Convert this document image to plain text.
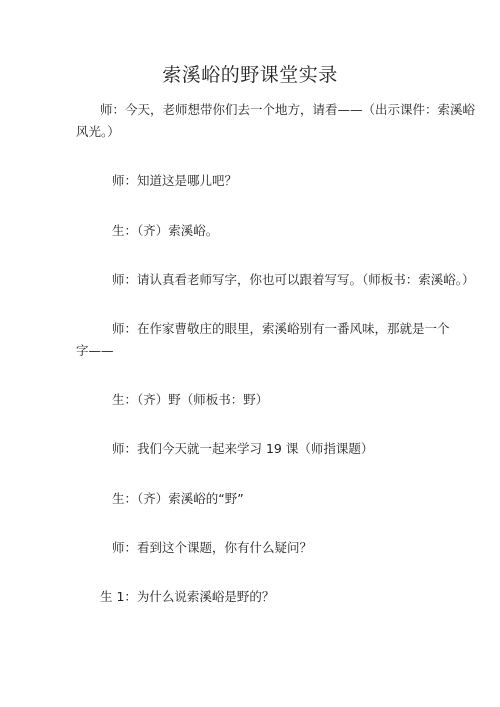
索溪峪的野课堂实录
师：今天，老师想带你们去一个地方，请看——（出示课件：索溪峪
风光。）
师：知道这是哪儿吧？
生：（齐）索溪峪。
师：请认真看老师写字，你也可以跟着写写。（师板书：索溪峪。）
师：在作家曹敬庄的眼里，索溪峪别有一番风味，那就是一个
字——
生：（齐）野（师板书：野）
师：我们今天就一起来学习 19 课（师指课题）
生：（齐）索溪峪的“野”
师：看到这个课题，你有什么疑问？
生 1：为什么说索溪峪是野的？
